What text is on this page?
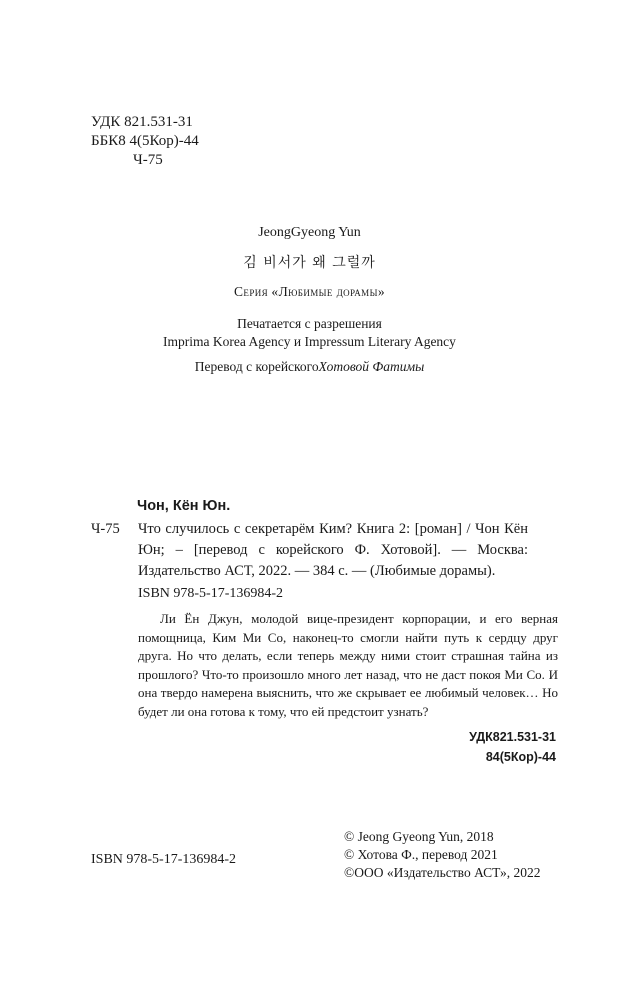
УДК 821.531-31
ББК8 4(5Кор)-44
Ч-75
JeongGyeong Yun
김 비서가 왜 그럴까
Серия «Любимые дорамы»
Печатается с разрешения
Imprima Korea Agency и Impressum Literary Agency
Перевод с корейскогоХотовой Фатимы
Чон, Кён Юн.
Ч-75 Что случилось с секретарём Ким? Книга 2: [роман] / Чон Кён Юн; – [перевод с корейского Ф. Хотовой]. — Москва: Издательство АСТ, 2022. — 384 с. — (Любимые дорамы).
ISBN 978-5-17-136984-2
Ли Ён Джун, молодой вице-президент корпорации, и его верная помощница, Ким Ми Со, наконец-то смогли найти путь к сердцу друг друга. Но что делать, если теперь между ними стоит страшная тайна из прошлого? Что-то произошло много лет назад, что не даст покоя Ми Со. И она твердо намерена выяснить, что же скрывает ее любимый человек… Но будет ли она готова к тому, что ей предстоит узнать?
УДК821.531-31
84(5Кор)-44
ISBN 978-5-17-136984-2
© Jeong Gyeong Yun, 2018
© Хотова Ф., перевод 2021
©ООО «Издательство АСТ», 2022
